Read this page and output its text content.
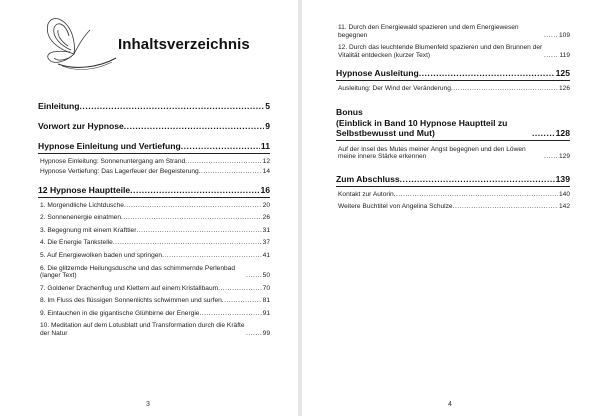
Inhaltsverzeichnis
Einleitung .....	5
Vorwort zur Hypnose .....	9
Hypnose Einleitung und Vertiefung .....	11
Hypnose Einleitung: Sonnenuntergang am Strand .....	12
Hypnose Vertiefung: Das Lagerfeuer der Begeisterung .....	14
12 Hypnose Hauptteile .....	16
1. Morgendliche Lichtdusche .....	20
2. Sonnenenergie einatmen .....	26
3. Begegnung mit einem Krafttier .....	31
4. Die Energie Tankstelle .....	37
5. Auf Energiewolken baden und springen .....	41
6. Die glitzernde Heilungsdusche und das schimmernde Perlenbad (langer Text) .....	50
7. Goldener Drachenflug und Klettern auf einem Kristallbaum .....	70
8. Im Fluss des flüssigen Sonnenlichts schwimmen und surfen .....	81
9. Eintauchen in die gigantische Glühbirne der Energie .....	91
10. Meditation auf dem Lotusblatt und Transformation durch die Kräfte der Natur .....	99
3
11. Durch den Energiewald spazieren und dem Energiewesen begegnen .....	109
12. Durch das leuchtende Blumenfeld spazieren und den Brunnen der Vitalität entdecken (kurzer Text) .....	119
Hypnose Ausleitung .....	125
Ausleitung: Der Wind der Veränderung .....	126
Bonus
(Einblick in Band 10 Hypnose Hauptteil zu Selbstbewusst und Mut) .....	128
Auf der Insel des Mutes meiner Angst begegnen und den Löwen meine innere Stärke erkennen .....	129
Zum Abschluss .....	139
Kontakt zur Autorin .....	140
Weitere Buchtitel von Angelina Schulze .....	142
4
